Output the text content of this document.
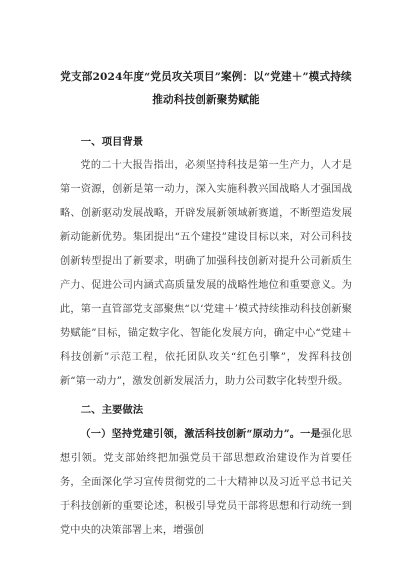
党支部2024年度“党员攻关项目”案例：以“党建＋”模式持续推动科技创新聚势赋能
一、项目背景

党的二十大报告指出，必须坚持科技是第一生产力，人才是第一资源，创新是第一动力，深入实施科教兴国战略人才强国战略、创新驱动发展战略，开辟发展新领域新赛道，不断塑造发展新动能新优势。集团提出“五个建投”建设目标以来，对公司科技创新转型提出了新要求，明确了加强科技创新对提升公司新质生产力、促进公司内涵式高质量发展的战略性地位和重要意义。为此，第一直管部党支部聚焦“以‘党建＋’模式持续推动科技创新聚势赋能”目标，锚定数字化、智能化发展方向，确定中心“党建＋科技创新”示范工程，依托团队攻关“红色引擎”，发挥科技创新“第一动力”，激发创新发展活力，助力公司数字化转型升级。

二、主要做法

（一）坚持党建引领，激活科技创新“原动力”。一是强化思想引领。党支部始终把加强党员干部思想政治建设作为首要任务，全面深化学习宣传贯彻党的二十大精神以及习近平总书记关于科技创新的重要论述，积极引导党员干部将思想和行动统一到党中央的决策部署上来，增强创
